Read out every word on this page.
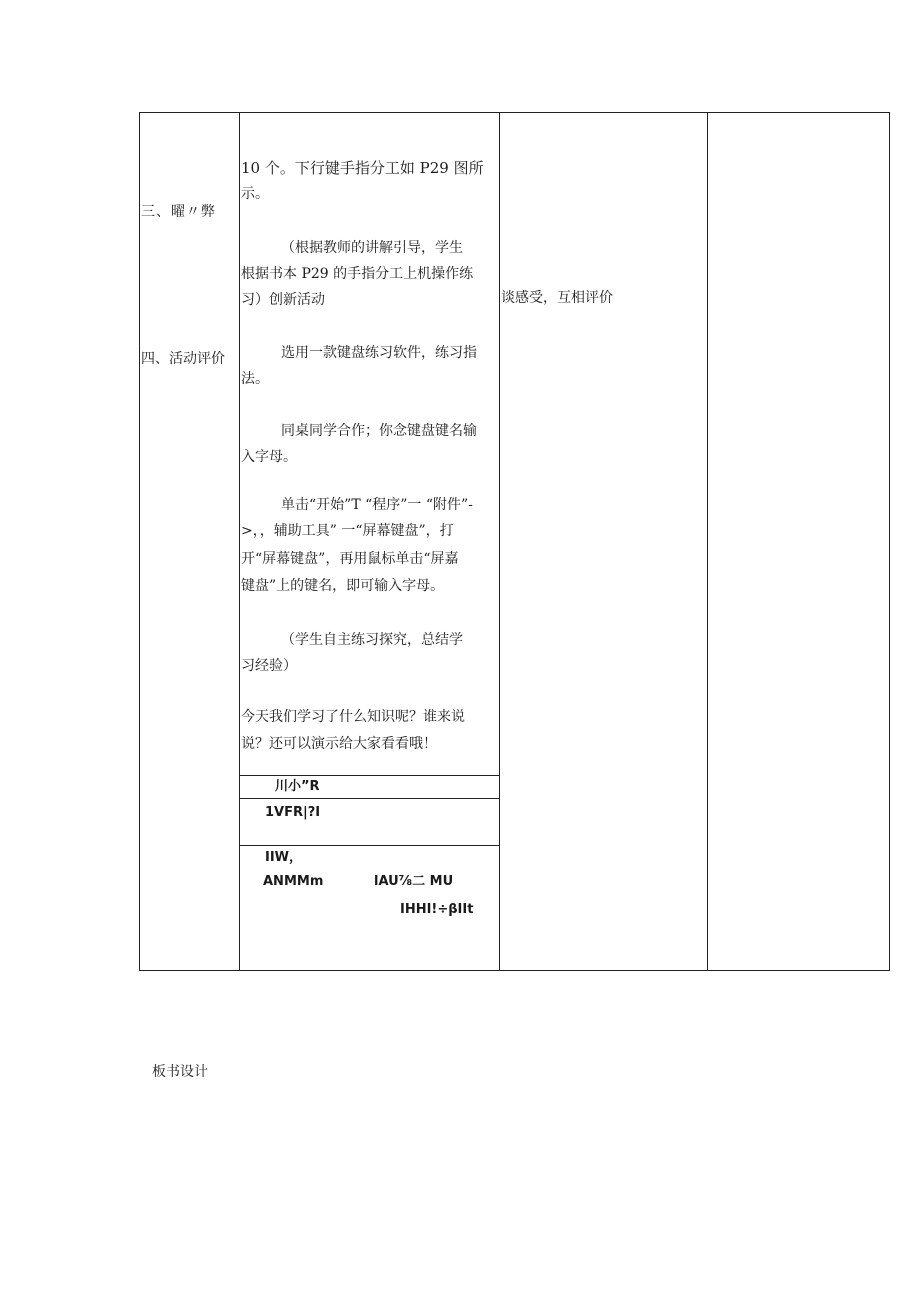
三、曜〃弊
四、活动评价
10 个。下行键手指分工如 P29 图所
示。
（根据教师的讲解引导，学生
根据书本 P29 的手指分工上机操作练
习）创新活动
选用一款键盘练习软件，练习指
法。
同桌同学合作；你念键盘键名输
入字母。
单击“开始”T “程序”一 “附件”-
>，，辅助工具” 一“屏幕键盘”，打
开“屏幕键盘”，再用鼠标单击“屏嘉
键盘”上的键名，即可输入字母。
（学生自主练习探究，总结学
习经验）
今天我们学习了什么知识呢？谁来说
说？还可以演示给大家看看哦！
川小”R
1VFR|?I
IIW，
ANMMm	lAU⅞二 MU
IHHI!÷βIIt
谈感受，互相评价
板书设计
